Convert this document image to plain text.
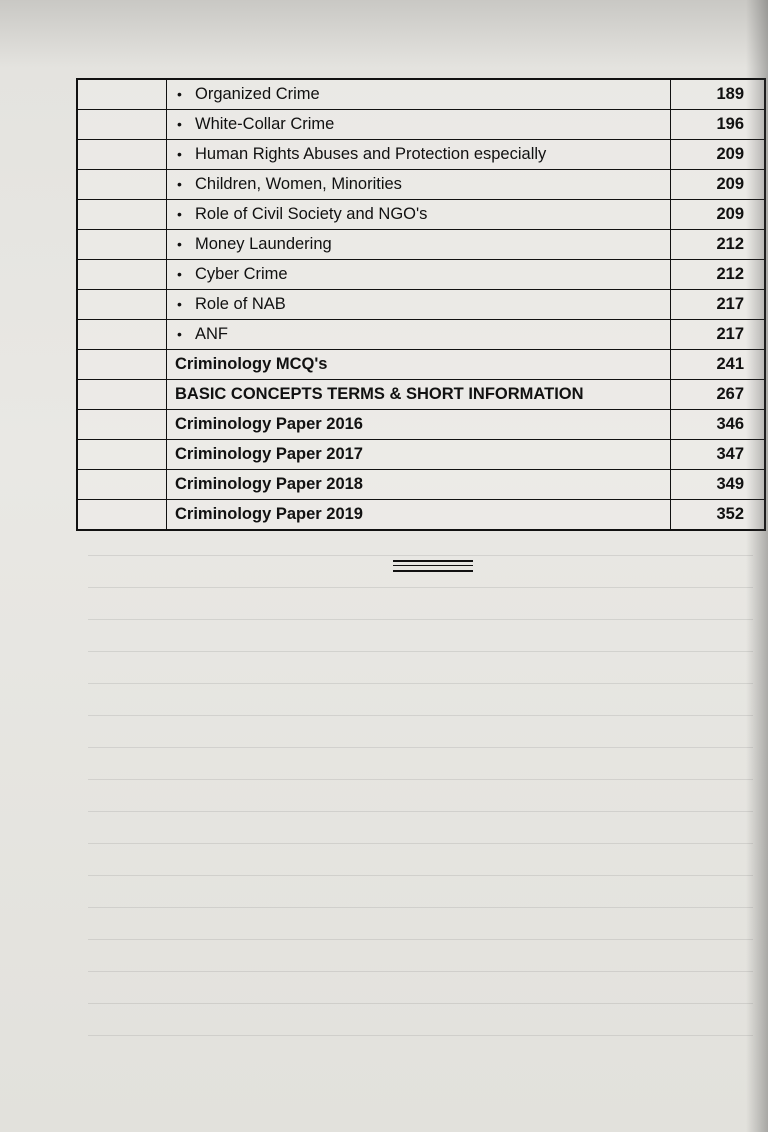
	• Organized Crime	189
	• White-Collar Crime	196
	• Human Rights Abuses and Protection especially	209
	• Children, Women, Minorities	209
	• Role of Civil Society and NGO's	209
	• Money Laundering	212
	• Cyber Crime	212
	• Role of NAB	217
	• ANF	217
	Criminology MCQ's	241
	BASIC CONCEPTS TERMS & SHORT INFORMATION	267
	Criminology Paper 2016	346
	Criminology Paper 2017	347
	Criminology Paper 2018	349
	Criminology Paper 2019	352
